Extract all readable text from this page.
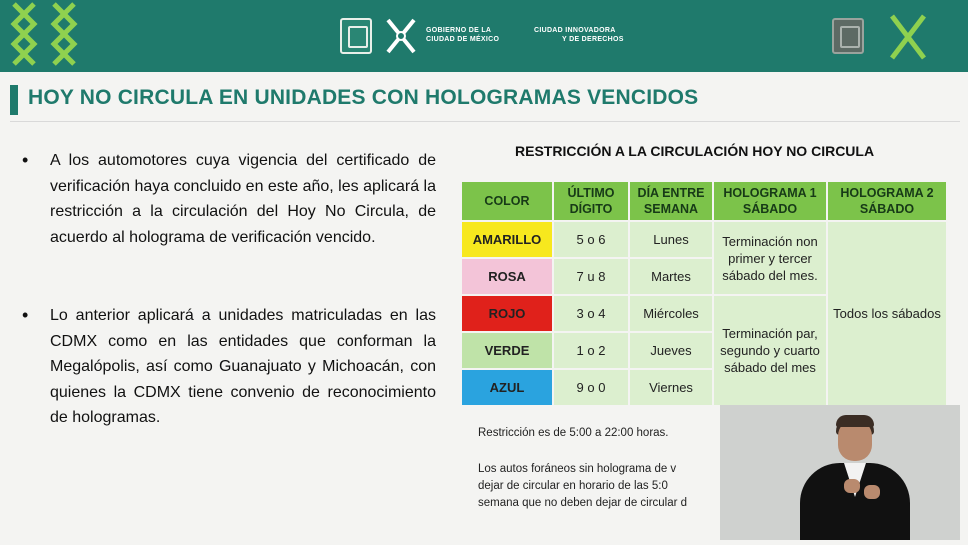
GOBIERNO DE LA
CIUDAD DE MÉXICO
CIUDAD INNOVADORA
Y DE DERECHOS
HOY NO CIRCULA EN UNIDADES CON HOLOGRAMAS VENCIDOS
•	A los automotores cuya vigencia del certificado de verificación haya concluido en este año, les aplicará la restricción a la circulación del Hoy No Circula, de acuerdo al holograma de verificación vencido.
•	Lo anterior aplicará a unidades matriculadas en las CDMX como en las entidades que conforman la Megalópolis, así como Guanajuato y Michoacán, con quienes la CDMX tiene convenio de reconocimiento de hologramas.
RESTRICCIÓN A LA CIRCULACIÓN HOY NO CIRCULA
COLOR	ÚLTIMO DÍGITO	DÍA ENTRE SEMANA	HOLOGRAMA 1 SÁBADO	HOLOGRAMA 2 SÁBADO
AMARILLO	5 o 6	Lunes	Terminación non primer y tercer sábado del mes.	Todos los sábados
ROSA	7 u 8	Martes		
ROJO	3 o 4	Miércoles	Terminación par, segundo y cuarto sábado del mes	
VERDE	1 o 2	Jueves		
AZUL	9 o 0	Viernes		
Restricción es de 5:00 a 22:00 horas.
Los autos foráneos sin holograma de v
dejar de circular en horario de las 5:0
semana que no deben dejar de circular d
